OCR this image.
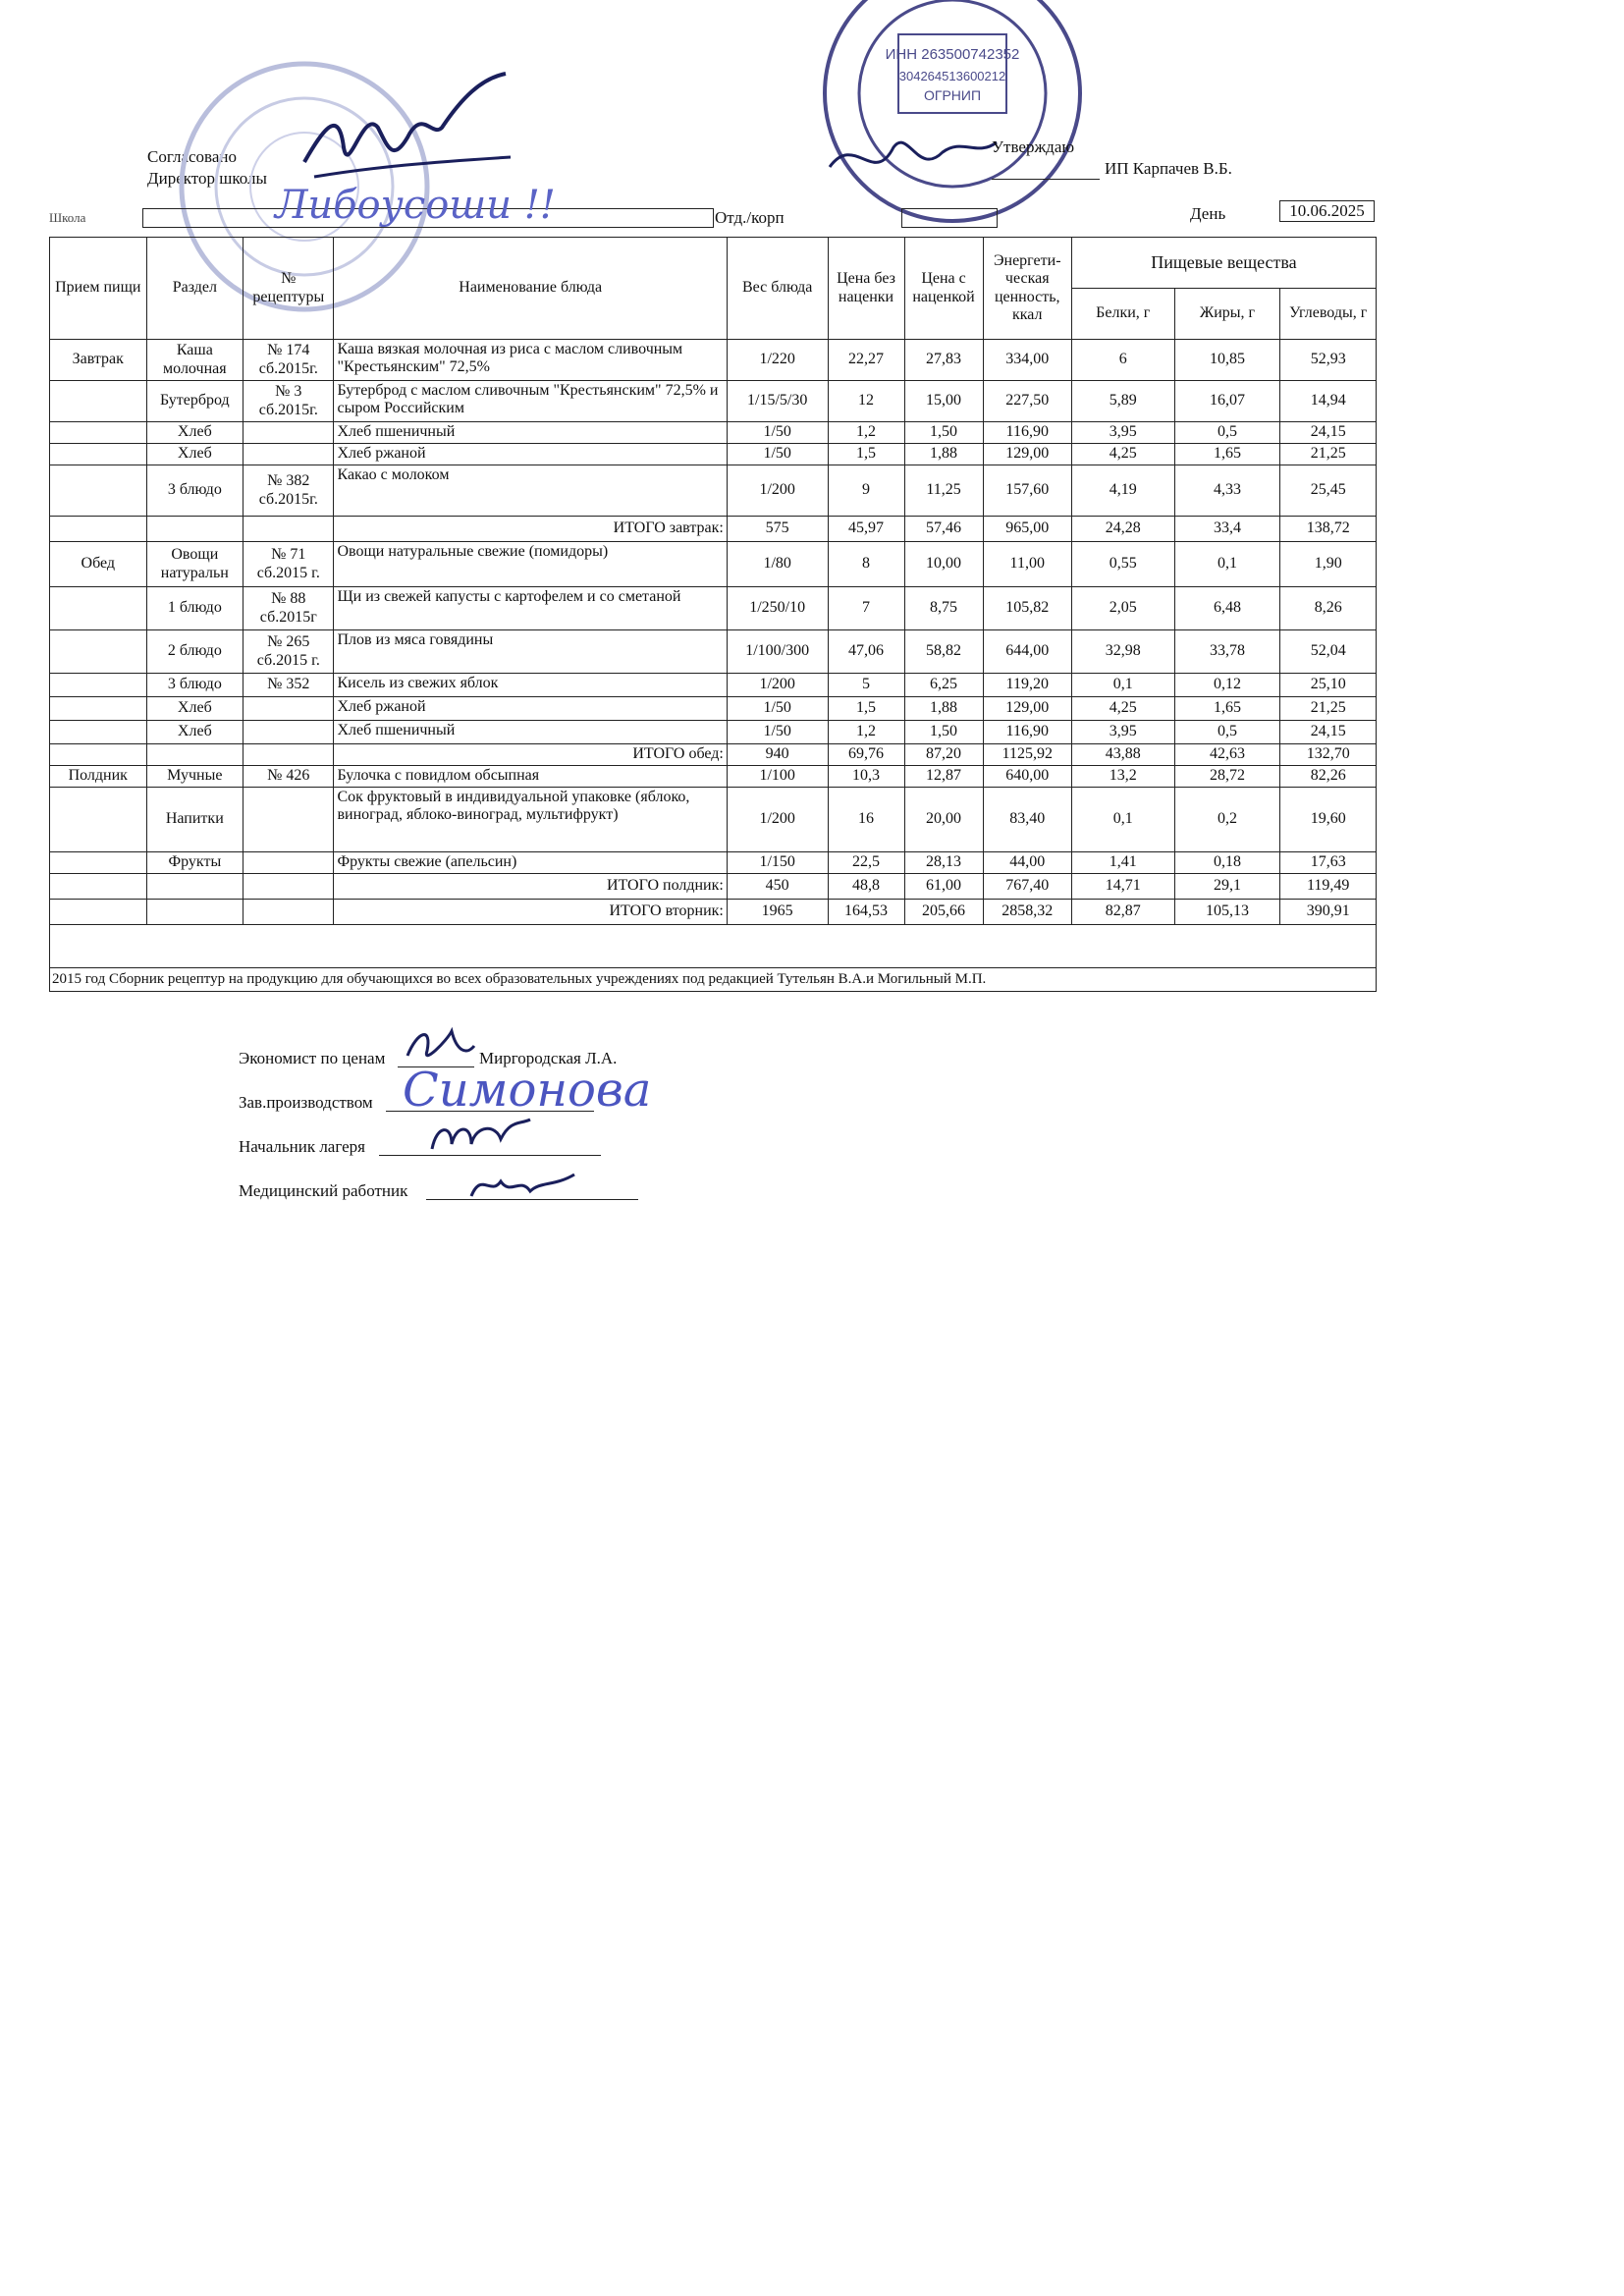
Согласовано
Директор школы
ИНН 263500742352
304264513600212
ОГРНИП
Утверждаю
ИП Карпачев В.Б.
Школа	Либоусоши !!	Отд./корп	День	10.06.2025
Прием пищи	Раздел	№ рецептуры	Наименование блюда	Вес блюда	Цена без наценки	Цена с наценкой	Энергети-ческая ценность, ккал	Пищевые вещества		
								Белки, г	Жиры, г	Углеводы, г
Завтрак	Каша молочная	№ 174 сб.2015г.	Каша вязкая молочная из риса с маслом сливочным "Крестьянским" 72,5%	1/220	22,27	27,83	334,00	6	10,85	52,93
	Бутерброд	№ 3 сб.2015г.	Бутерброд с маслом сливочным "Крестьянским" 72,5% и сыром Российским	1/15/5/30	12	15,00	227,50	5,89	16,07	14,94
	Хлеб		Хлеб пшеничный	1/50	1,2	1,50	116,90	3,95	0,5	24,15
	Хлеб		Хлеб ржаной	1/50	1,5	1,88	129,00	4,25	1,65	21,25
	3 блюдо	№ 382 сб.2015г.	Какао с молоком	1/200	9	11,25	157,60	4,19	4,33	25,45
			ИТОГО завтрак:	575	45,97	57,46	965,00	24,28	33,4	138,72
Обед	Овощи натуральн	№ 71 сб.2015 г.	Овощи натуральные свежие (помидоры)	1/80	8	10,00	11,00	0,55	0,1	1,90
	1 блюдо	№ 88 сб.2015г	Щи из свежей капусты с картофелем и со сметаной	1/250/10	7	8,75	105,82	2,05	6,48	8,26
	2 блюдо	№ 265 сб.2015 г.	Плов из мяса говядины	1/100/300	47,06	58,82	644,00	32,98	33,78	52,04
	3 блюдо	№ 352	Кисель из свежих яблок	1/200	5	6,25	119,20	0,1	0,12	25,10
	Хлеб		Хлеб ржаной	1/50	1,5	1,88	129,00	4,25	1,65	21,25
	Хлеб		Хлеб пшеничный	1/50	1,2	1,50	116,90	3,95	0,5	24,15
			ИТОГО обед:	940	69,76	87,20	1125,92	43,88	42,63	132,70
Полдник	Мучные	№ 426	Булочка с повидлом обсыпная	1/100	10,3	12,87	640,00	13,2	28,72	82,26
	Напитки		Сок фруктовый в индивидуальной упаковке (яблоко, виноград, яблоко-виноград, мультифрукт)	1/200	16	20,00	83,40	0,1	0,2	19,60
	Фрукты		Фрукты свежие (апельсин)	1/150	22,5	28,13	44,00	1,41	0,18	17,63
			ИТОГО полдник:	450	48,8	61,00	767,40	14,71	29,1	119,49
			ИТОГО вторник:	1965	164,53	205,66	2858,32	82,87	105,13	390,91

2015 год Сборник рецептур на продукцию для обучающихся во всех образовательных учреждениях под редакцией Тутельян В.А.и Могильный М.П.										
Экономист по ценам	Миргородская Л.А.
Зав.производством Симонова
Начальник лагеря
Медицинский работник
